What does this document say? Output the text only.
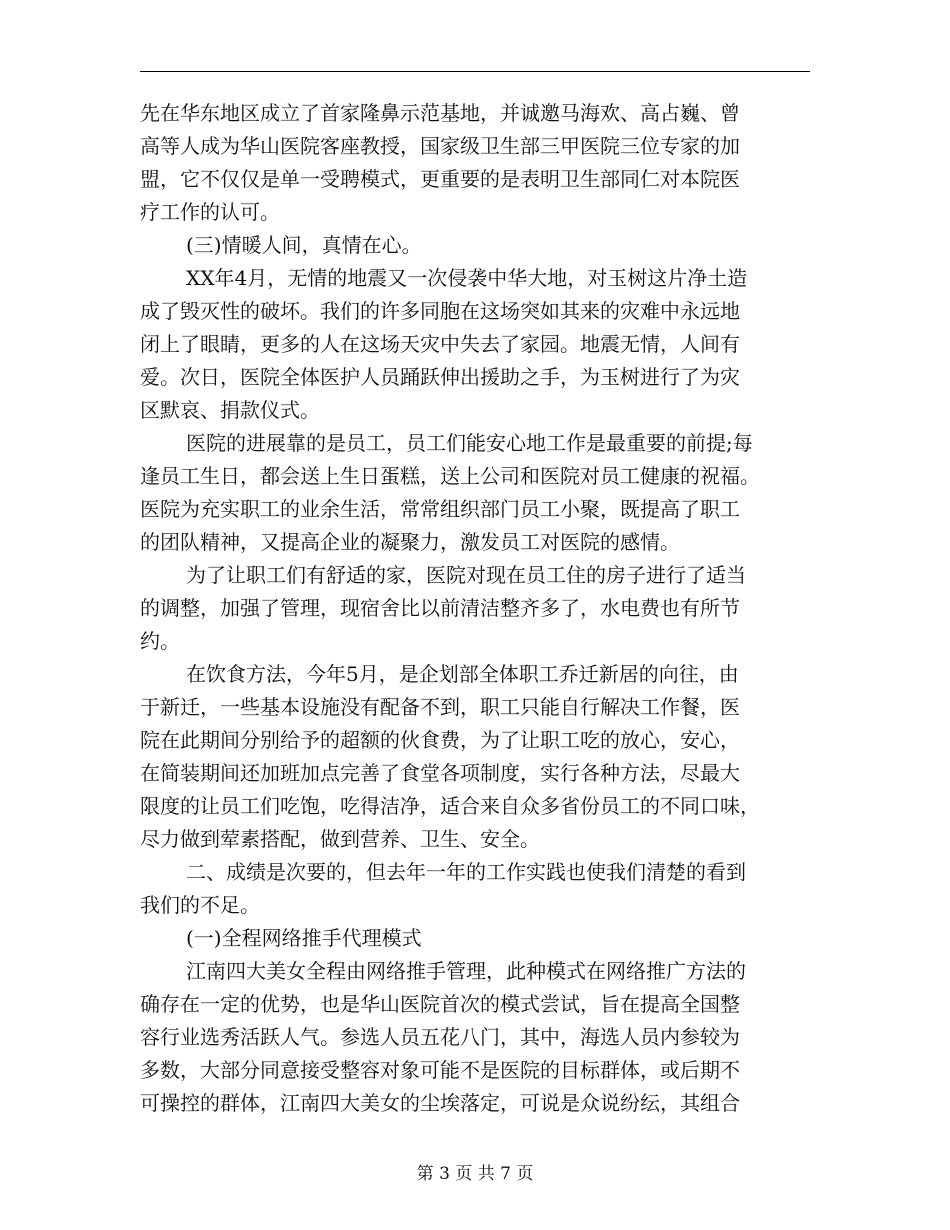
先在华东地区成立了首家隆鼻示范基地，并诚邀马海欢、高占巍、曾
高等人成为华山医院客座教授，国家级卫生部三甲医院三位专家的加
盟，它不仅仅是单一受聘模式，更重要的是表明卫生部同仁对本院医
疗工作的认可。
(三)情暖人间，真情在心。
XX年4月，无情的地震又一次侵袭中华大地，对玉树这片净土造
成了毁灭性的破坏。我们的许多同胞在这场突如其来的灾难中永远地
闭上了眼睛，更多的人在这场天灾中失去了家园。地震无情，人间有
爱。次日，医院全体医护人员踊跃伸出援助之手，为玉树进行了为灾
区默哀、捐款仪式。
医院的进展靠的是员工，员工们能安心地工作是最重要的前提;每
逢员工生日，都会送上生日蛋糕，送上公司和医院对员工健康的祝福。
医院为充实职工的业余生活，常常组织部门员工小聚，既提高了职工
的团队精神，又提高企业的凝聚力，激发员工对医院的感情。
为了让职工们有舒适的家，医院对现在员工住的房子进行了适当
的调整，加强了管理，现宿舍比以前清洁整齐多了，水电费也有所节
约。
在饮食方法，今年5月，是企划部全体职工乔迁新居的向往，由
于新迁，一些基本设施没有配备不到，职工只能自行解决工作餐，医
院在此期间分别给予的超额的伙食费，为了让职工吃的放心，安心，
在简装期间还加班加点完善了食堂各项制度，实行各种方法，尽最大
限度的让员工们吃饱，吃得洁净，适合来自众多省份员工的不同口味，
尽力做到荤素搭配，做到营养、卫生、安全。
二、成绩是次要的，但去年一年的工作实践也使我们清楚的看到
我们的不足。
(一)全程网络推手代理模式
江南四大美女全程由网络推手管理，此种模式在网络推广方法的
确存在一定的优势，也是华山医院首次的模式尝试，旨在提高全国整
容行业选秀活跃人气。参选人员五花八门，其中，海选人员内参较为
多数，大部分同意接受整容对象可能不是医院的目标群体，或后期不
可操控的群体，江南四大美女的尘埃落定，可说是众说纷纭，其组合
第 3 页 共 7 页
